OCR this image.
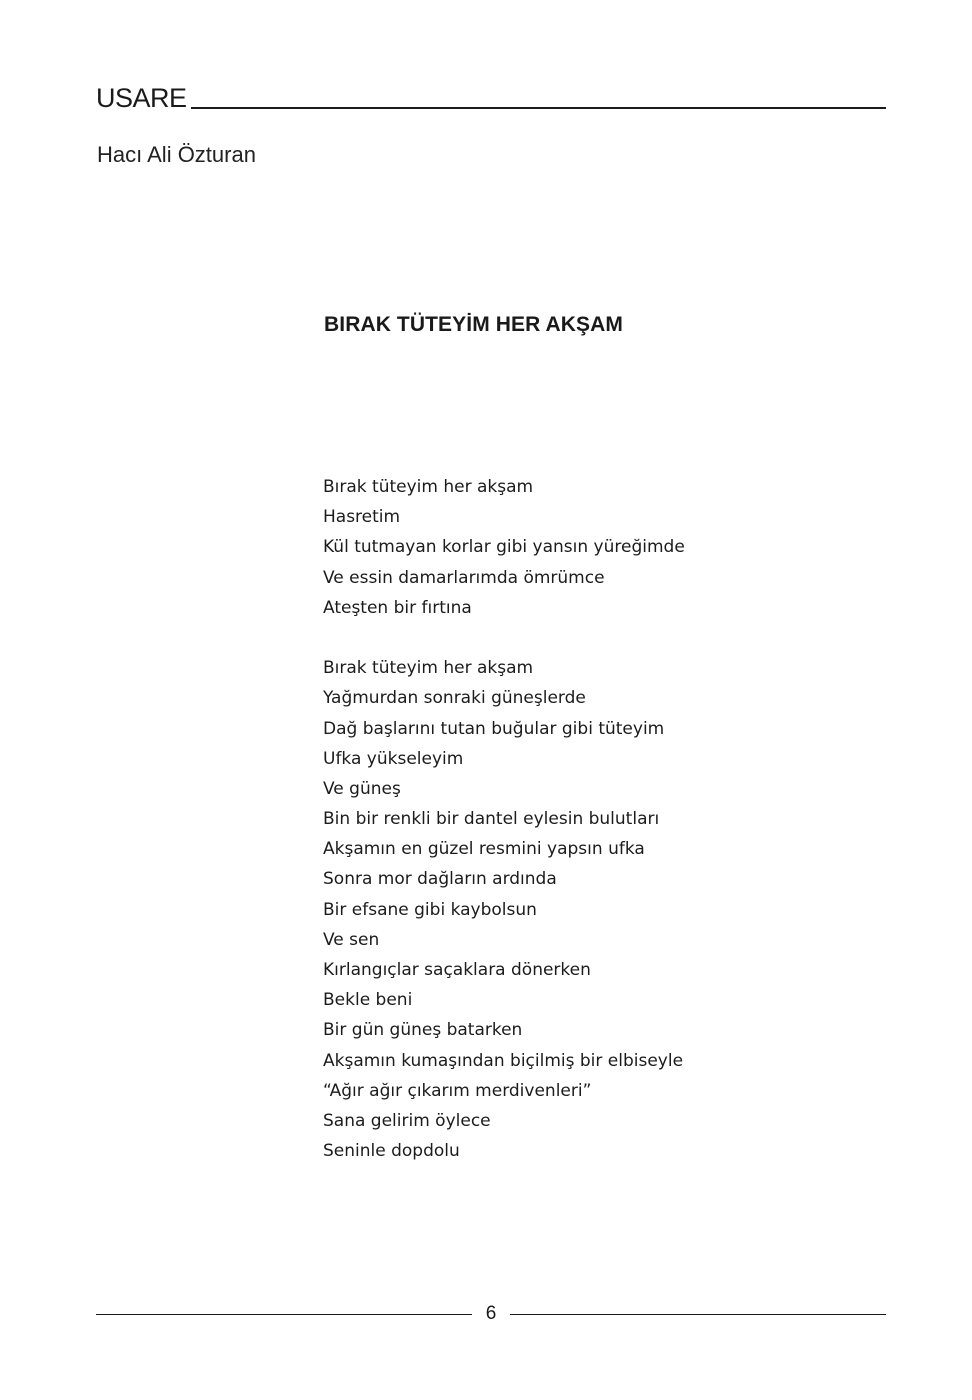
USARE
Hacı Ali Özturan
BIRAK TÜTEYİM HER AKŞAM
Bırak tüteyim her akşam
Hasretim
Kül tutmayan korlar gibi yansın yüreğimde
Ve essin damarlarımda ömrümce
Ateşten bir fırtına
Bırak tüteyim her akşam
Yağmurdan sonraki güneşlerde
Dağ başlarını tutan buğular gibi tüteyim
Ufka yükseleyim
Ve güneş
Bin bir renkli bir dantel eylesin bulutları
Akşamın en güzel resmini yapsın ufka
Sonra mor dağların ardında
Bir efsane gibi kaybolsun
Ve sen
Kırlangıçlar saçaklara dönerken
Bekle beni
Bir gün güneş batarken
Akşamın kumaşından biçilmiş bir elbiseyle
“Ağır ağır çıkarım merdivenleri”
Sana gelirim öylece
Seninle dopdolu
6
